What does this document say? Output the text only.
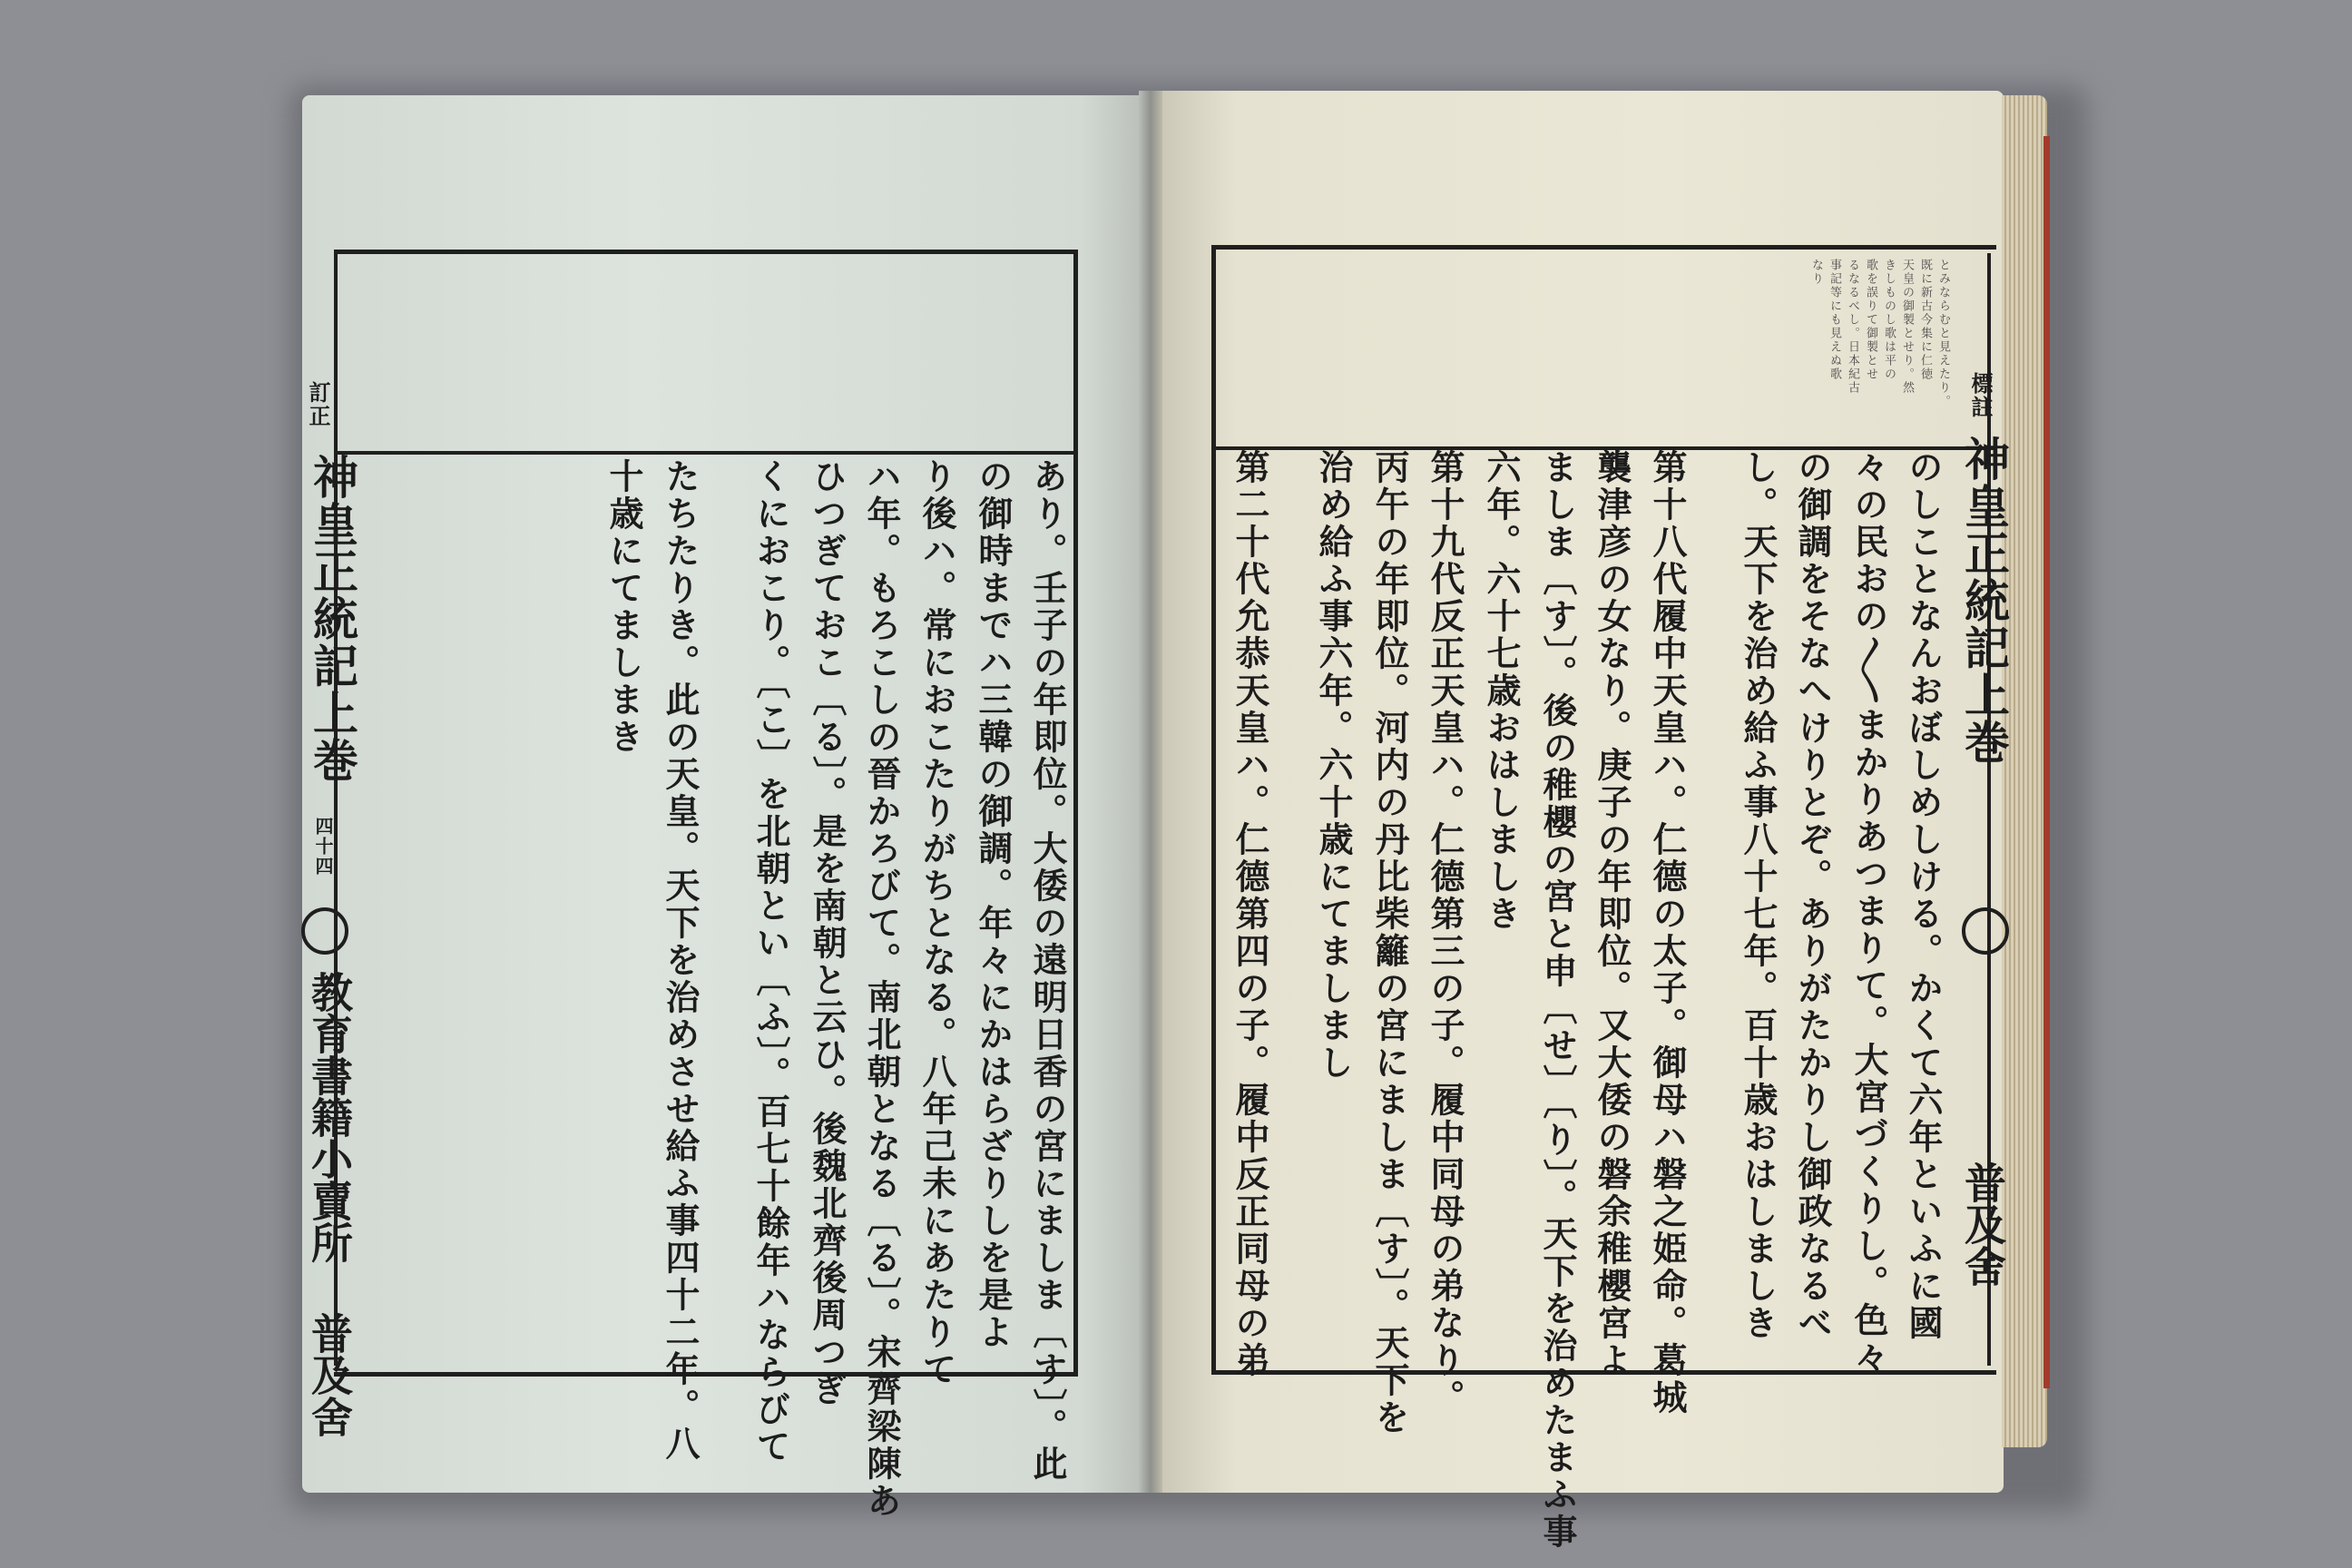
訂正
神皇正統記上巻
四十四
教育書籍小賣所 普及舍	あり。壬子の年即位。大倭の遠明日香の宮にましま〔す〕。此
の御時までハ三韓の御調。年々にかはらざりしを是よ
り後ハ。常におこたりがちとなる。八年己未にあたりて
ハ年。もろこしの晉かろびて。南北朝となる〔る〕。宋齊梁陳あ
ひつぎておこ〔る〕。是を南朝と云ひ。後魏北齊後周つぎ
くにおこり。〔こ〕を北朝とい〔ふ〕。百七十餘年ハならびて
たちたりき。此の天皇。天下を治めさせ給ふ事四十二年。八
十歳にてましまき
標註
神皇正統記上巻
普及舍
とみならむと見えたり。
既に新古今集に仁徳
天皇の御製とせり。然
きしものし歌は平の
歌を誤りて御製とせ
るなるべし。日本紀古
事記等にも見えぬ歌
なり
のしことなんおぼしめしける。かくて六年といふに國
々の民おの〱まかりあつまりて。大宮づくりし。色々
の御調をそなへけりとぞ。ありがたかりし御政なるべ
し。天下を治め給ふ事八十七年。百十歳おはしましき
第十八代履中天皇ハ。仁德の太子。御母ハ磐之姫命。葛城
襲津彦の女なり。庚子の年即位。又大倭の磐余稚櫻宮よ
ましま〔す〕。後の稚櫻の宮と申〔せ〕〔り〕。天下を治めたまふ事
六年。六十七歳おはしましき
第十九代反正天皇ハ。仁德第三の子。履中同母の弟なり。
丙午の年即位。河内の丹比柴籬の宮にましま〔す〕。天下を
治め給ふ事六年。六十歳にてましまし
第二十代允恭天皇ハ。仁德第四の子。履中反正同母の弟
